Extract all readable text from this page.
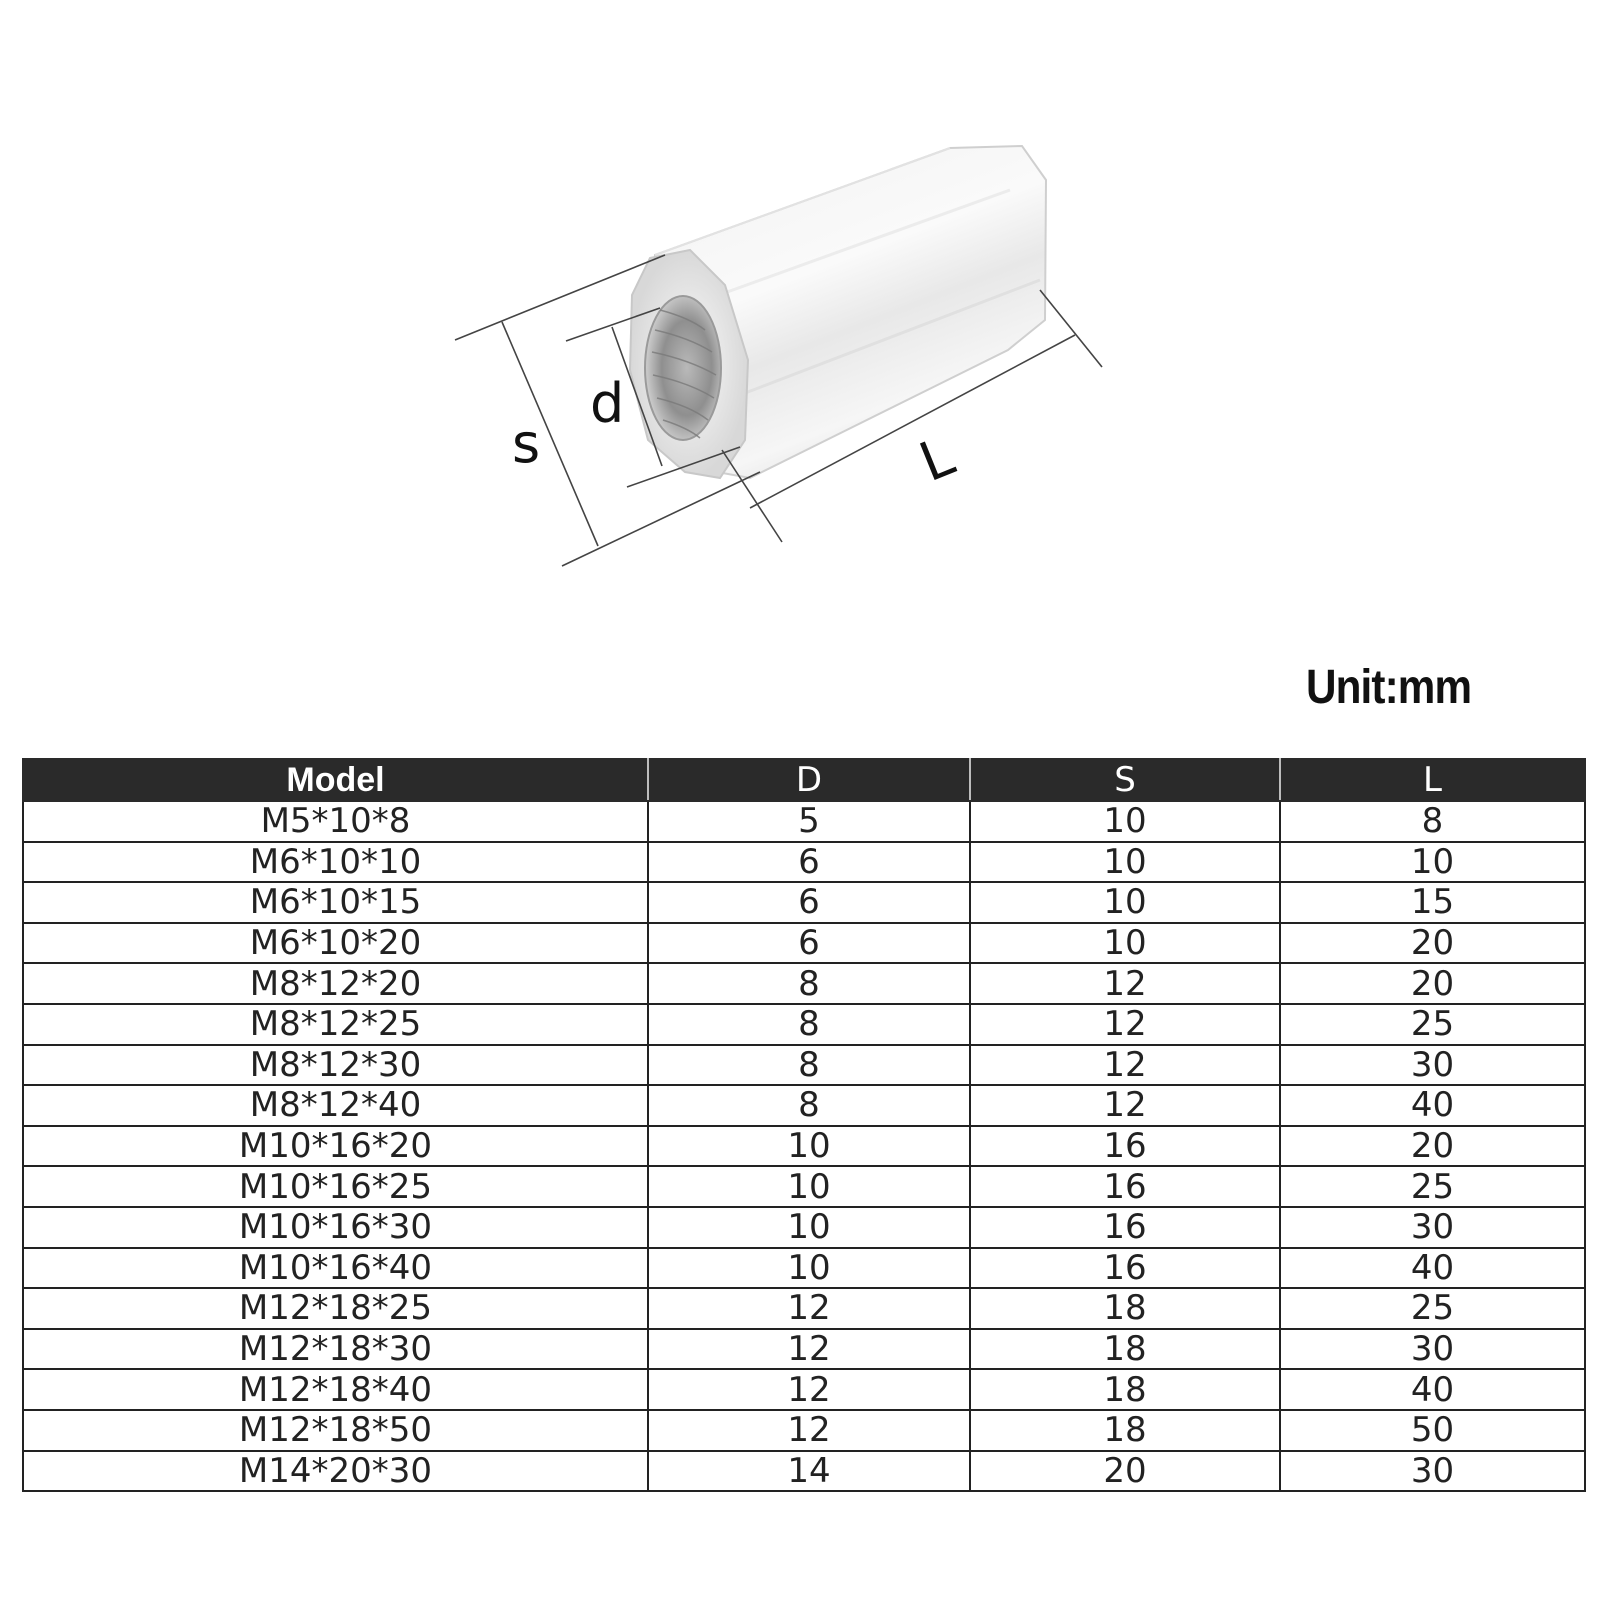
s
d
L
Unit:mm
Model	D	S	L
M5*10*8	5	10	8
M6*10*10	6	10	10
M6*10*15	6	10	15
M6*10*20	6	10	20
M8*12*20	8	12	20
M8*12*25	8	12	25
M8*12*30	8	12	30
M8*12*40	8	12	40
M10*16*20	10	16	20
M10*16*25	10	16	25
M10*16*30	10	16	30
M10*16*40	10	16	40
M12*18*25	12	18	25
M12*18*30	12	18	30
M12*18*40	12	18	40
M12*18*50	12	18	50
M14*20*30	14	20	30
